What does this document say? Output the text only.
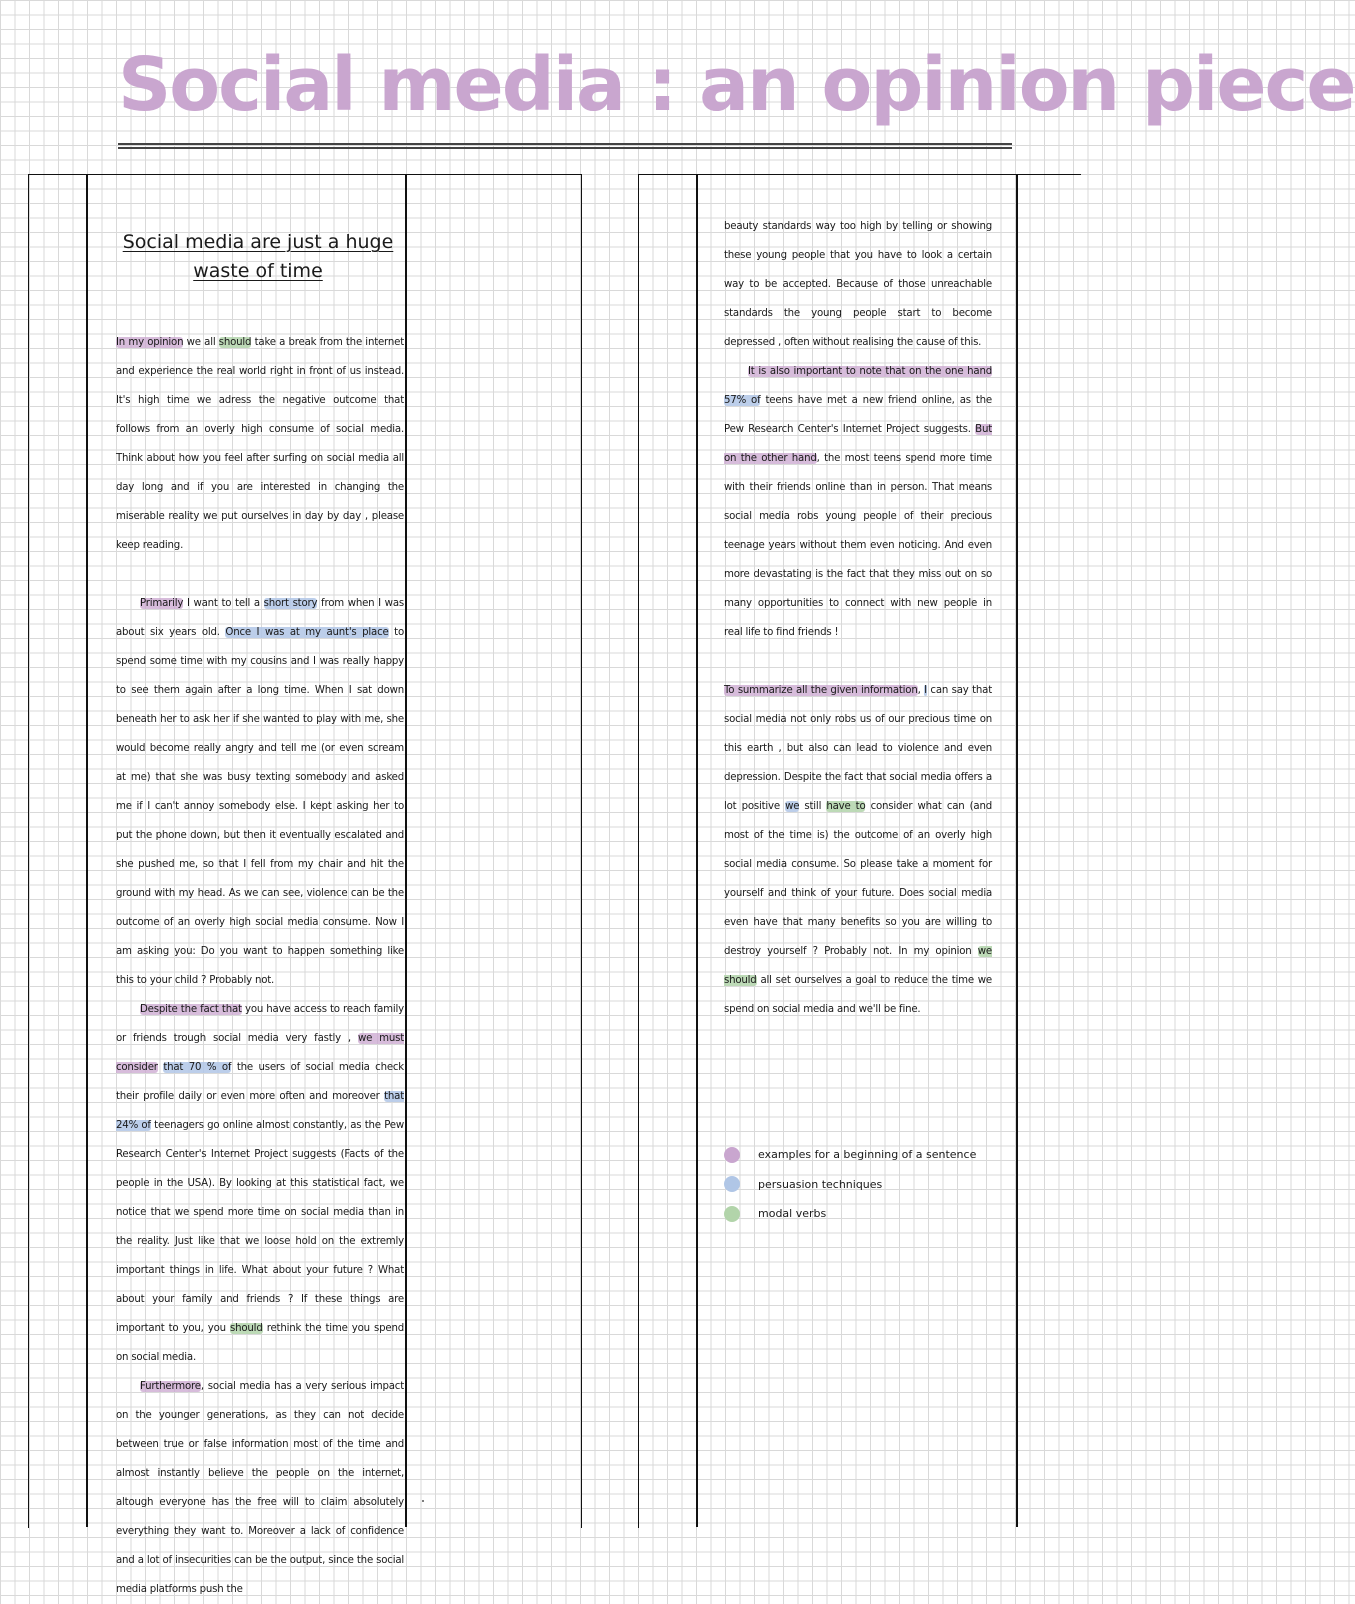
Social media : an opinion piece
Social media are just a huge
waste of time

In my opinion we all should take a break from the internet and experience the real world right in front of us instead. It's high time we adress the negative outcome that follows from an overly high consume of social media. Think about how you feel after surfing on social media all day long and if you are interested in changing the miserable reality we put ourselves in day by day , please keep reading.

Primarily I want to tell a short story from when I was about six years old. Once I was at my aunt's place to spend some time with my cousins and I was really happy to see them again after a long time. When I sat down beneath her to ask her if she wanted to play with me, she would become really angry and tell me (or even scream at me) that she was busy texting somebody and asked me if I can't annoy somebody else. I kept asking her to put the phone down, but then it eventually escalated and she pushed me, so that I fell from my chair and hit the ground with my head. As we can see, violence can be the outcome of an overly high social media consume. Now I am asking you: Do you want to happen something like this to your child ? Probably not.

Despite the fact that you have access to reach family or friends trough social media very fastly , we must consider that 70 % of the users of social media check their profile daily or even more often and moreover that 24% of teenagers go online almost constantly, as the Pew Research Center's Internet Project suggests (Facts of the people in the USA). By looking at this statistical fact, we notice that we spend more time on social media than in the reality. Just like that we loose hold on the extremly important things in life. What about your future ? What about your family and friends ? If these things are important to you, you should rethink the time you spend on social media.

Furthermore, social media has a very serious impact on the younger generations, as they can not decide between true or false information most of the time and almost instantly believe the people on the internet, altough everyone has the free will to claim absolutely everything they want to. Moreover a lack of confidence and a lot of insecurities can be the output, since the social media platforms push the

beauty standards way too high by telling or showing these young people that you have to look a certain way to be accepted. Because of those unreachable standards the young people start to become depressed , often without realising the cause of this.

It is also important to note that on the one hand 57% of teens have met a new friend online, as the Pew Research Center's Internet Project suggests. But on the other hand, the most teens spend more time with their friends online than in person. That means social media robs young people of their precious teenage years without them even noticing. And even more devastating is the fact that they miss out on so many opportunities to connect with new people in real life to find friends !

To summarize all the given information, I can say that social media not only robs us of our precious time on this earth , but also can lead to violence and even depression. Despite the fact that social media offers a lot positive we still have to consider what can (and most of the time is) the outcome of an overly high social media consume. So please take a moment for yourself and think of your future. Does social media even have that many benefits so you are willing to destroy yourself ? Probably not. In my opinion we should all set ourselves a goal to reduce the time we spend on social media and we'll be fine.

examples for a beginning of a sentence
persuasion techniques
modal verbs
